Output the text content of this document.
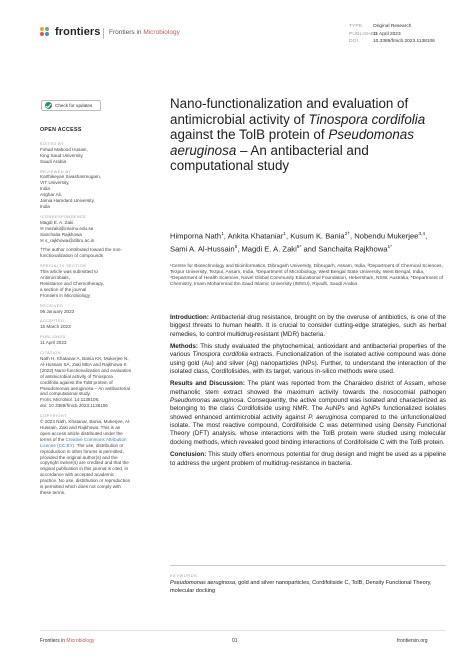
frontiers Frontiers in Microbiology
TYPE Original Research
PUBLISHED11 April 2023
DOI	10.3389/fmicb.2023.1138106
Check for updates
OPEN ACCESS
EDITED BY
Fohad Mabood Husain,
King Saud University,
Saudi Arabia
REVIEWED BY
Karthikeyan Sivashanmugam,
VIT University,
India
Asghar Ali,
Jamia Hamdard University,
India
*CORRESPONDENCE
Magdi E. A. Zaki
✉ mezaki@imamu.edu.sa
Sanchaita Rajkhowa
✉ s_rajkhowa@dibru.ac.in
†The author contributed toward the non-
functionalization of compounds
SPECIALTY SECTION
This article was submitted to
Antimicrobials,
Resistance and Chemotherapy,
a section of the journal
Frontiers in Microbiology
RECEIVED
06 January 2023
ACCEPTED
15 March 2023
PUBLISHED
11 April 2023
CITATION
Nath H, Khatanar A, Bania KK, Mukerjee N, Al-Hussain SA, Zaki MEA and Rajkhowa S (2023) Nano-functionalization and evaluation of antimicrobial activity of Tinospora cordifolia against the TolB protein of Pseudomonas aeruginosa – An antibacterial and computational study.
Front. Microbiol. 14:1138106.
doi: 10.3389/fmicb.2023.1138106
COPYRIGHT
© 2023 Nath, Khatanar, Bania, Mukerjee, Al-Hussain, Zaki and Rajkhowa. This is an open-access article distributed under the terms of the Creative Commons Attribution License (CC BY). The use, distribution or reproduction in other forums is permitted, provided the original author(s) and the copyright owner(s) are credited and that the original publication in this journal is cited, in accordance with accepted academic practice. No use, distribution or reproduction is permitted which does not comply with these terms.
Nano-functionalization and evaluation of antimicrobial activity of Tinospora cordifolia against the TolB protein of Pseudomonas aeruginosa – An antibacterial and computational study
Himporna Nath$^1$, Ankita Khataniar$^1$, Kusum K. Bania$^{2\dagger}$, Nobendu Mukerjee$^{3,4}$, Sami A. Al-Hussain$^5$, Magdi E. A. Zaki$^{5*}$ and Sanchaita Rajkhowa$^{1*}$
¹Centre for Biotechnology and Bioinformatics, Dibrugarh University, Dibrugarh, Assam, India, ²Department of Chemical Sciences, Tezpur University, Tezpur, Assam, India, ³Department of Microbiology, West Bengal State University, West Bengal, India, ⁴Department of Health Sciences, Novel Global Community Educational Foundation, Hebersham, NSW, Australia, ⁵Department of Chemistry, Imam Mohammad Ibn Saud Islamic University (IMSIU), Riyadh, Saudi Arabia

Introduction: Antibacterial drug resistance, brought on by the overuse of antibiotics, is one of the biggest threats to human health. It is crucial to consider cutting-edge strategies, such as herbal remedies, to control multidrug-resistant (MDR) bacteria.

Methods: This study evaluated the phytochemical, antioxidant and antibacterial properties of the various Tinospora cordifolia extracts. Functionalization of the isolated active compound was done using gold (Au) and silver (Ag) nanoparticles (NPs). Further, to understand the interaction of the isolated class, Cordifolisides, with its target, various in-silico methods were used.

Results and Discussion: The plant was reported from the Charaideo district of Assam, whose methanolic stem extract showed the maximum activity towards the nosocomial pathogen Pseudomonas aeruginosa. Consequently, the active compound was isolated and characterized as belonging to the class Cordifoliside using NMR. The AuNPs and AgNPs functionalized isolates showed enhanced antimicrobial activity against P. aeruginosa compared to the unfunctionalized isolate. The most reactive compound, Cordifoliside C was determined using Density Functional Theory (DFT) analysis, whose interactions with the TolB protein were studied using molecular docking methods, which revealed good binding interactions of Cordifoliside C with the TolB protein.

Conclusion: This study offers enormous potential for drug design and might be used as a pipeline to address the urgent problem of multidrug-resistance in bacteria.

KEYWORDS
Pseudomonas aeruginosa, gold and silver nanoparticles, Cordifoliside C, TolB, Density Functional Theory, molecular docking
Frontiers in Microbiology	01	frontiersin.org
